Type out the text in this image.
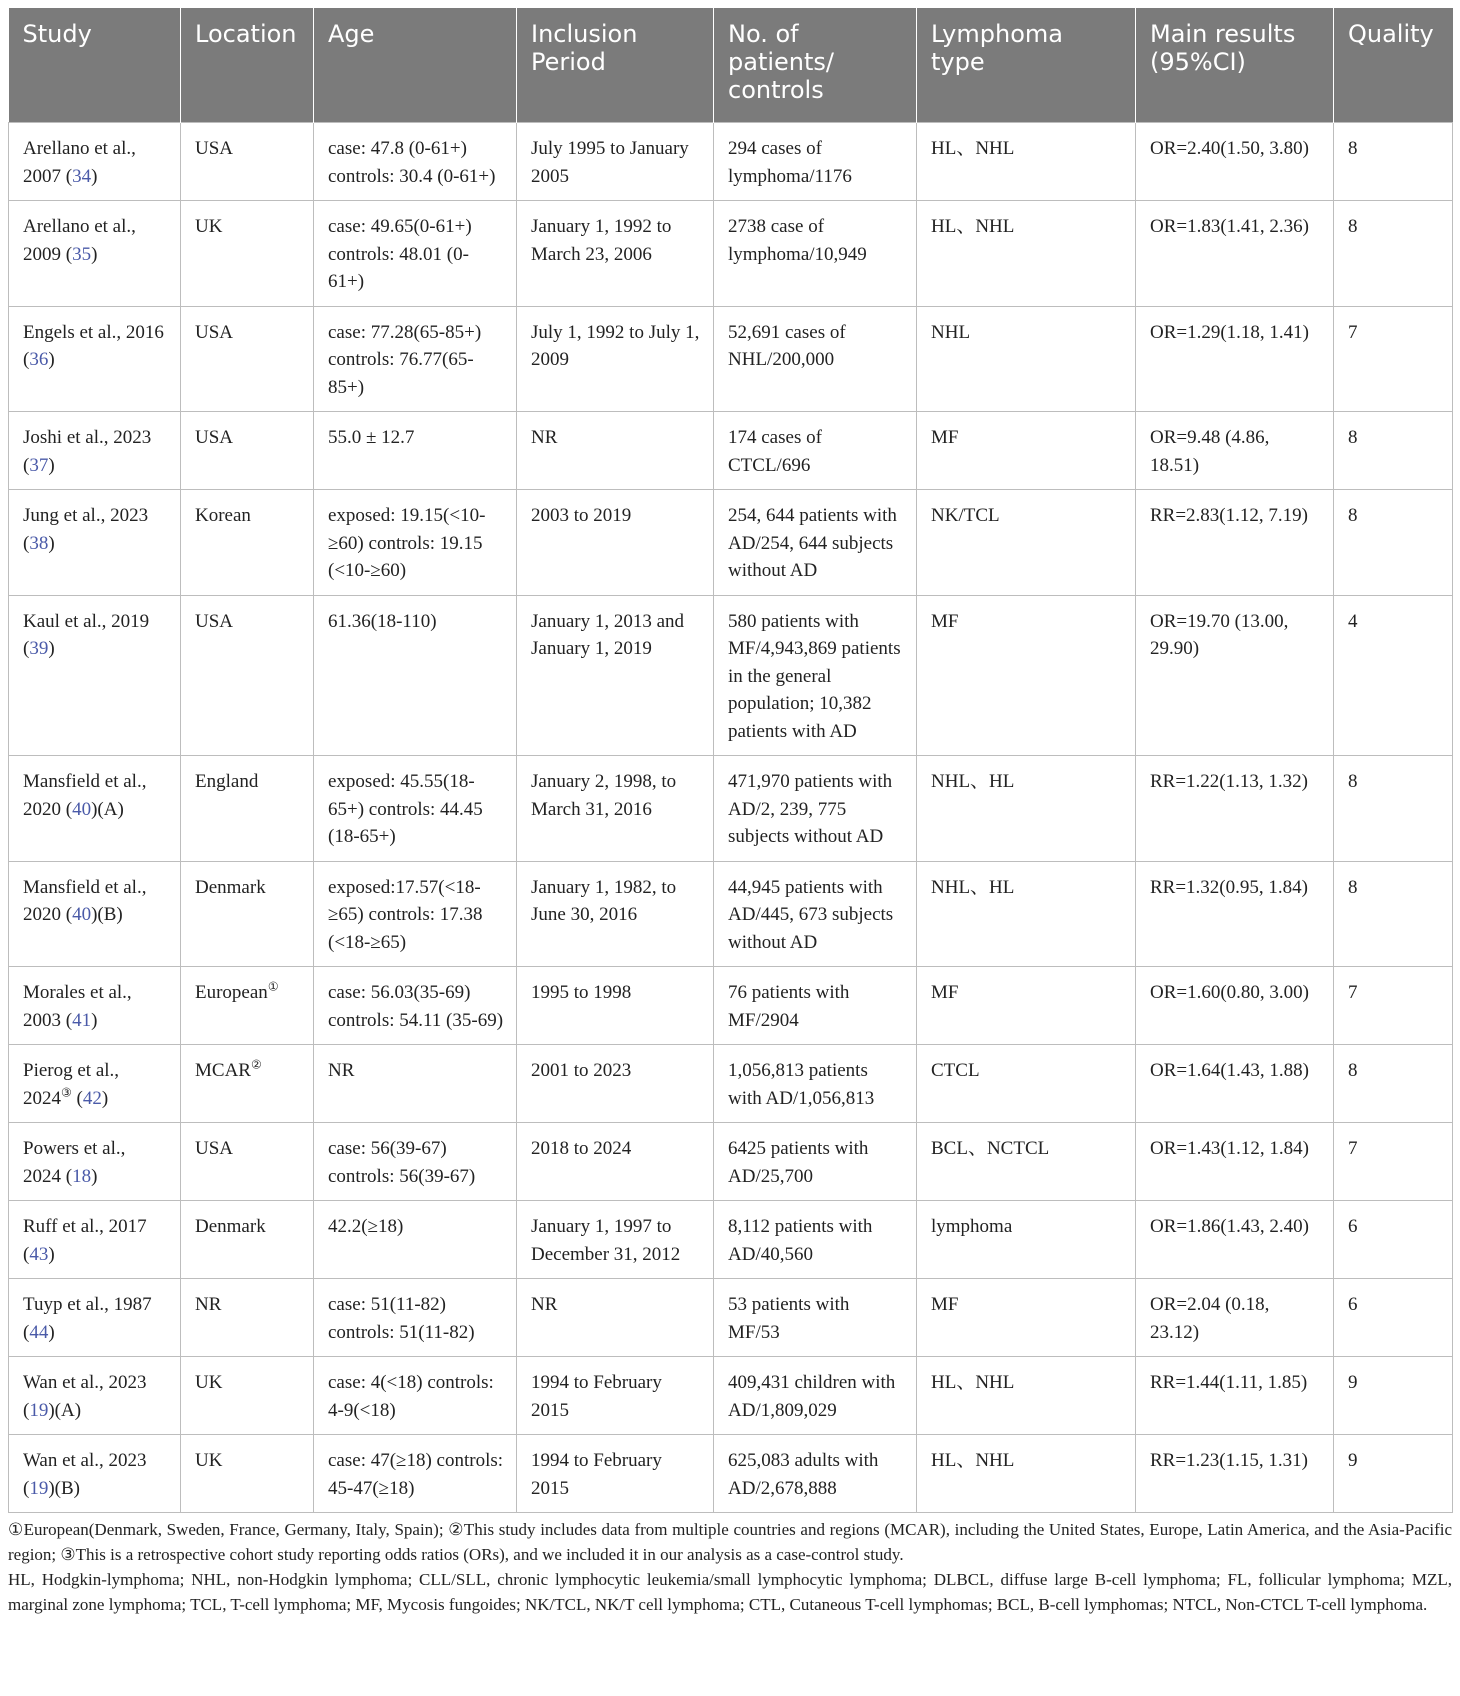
Study	Location	Age	Inclusion Period	No. of patients/ controls	Lymphoma type	Main results (95%CI)	Quality
Arellano et al., 2007 (34)	USA	case: 47.8 (0-61+) controls: 30.4 (0-61+)	July 1995 to January 2005	294 cases of lymphoma/1176	HL、NHL	OR=2.40(1.50, 3.80)	8
Arellano et al., 2009 (35)	UK	case: 49.65(0-61+) controls: 48.01 (0-61+)	January 1, 1992 to March 23, 2006	2738 case of lymphoma/10,949	HL、NHL	OR=1.83(1.41, 2.36)	8
Engels et al., 2016 (36)	USA	case: 77.28(65-85+) controls: 76.77(65-85+)	July 1, 1992 to July 1, 2009	52,691 cases of NHL/200,000	NHL	OR=1.29(1.18, 1.41)	7
Joshi et al., 2023 (37)	USA	55.0 ± 12.7	NR	174 cases of CTCL/696	MF	OR=9.48 (4.86, 18.51)	8
Jung et al., 2023 (38)	Korean	exposed: 19.15(<10-≥60) controls: 19.15 (<10-≥60)	2003 to 2019	254, 644 patients with AD/254, 644 subjects without AD	NK/TCL	RR=2.83(1.12, 7.19)	8
Kaul et al., 2019 (39)	USA	61.36(18-110)	January 1, 2013 and January 1, 2019	580 patients with MF/4,943,869 patients in the general population; 10,382 patients with AD	MF	OR=19.70 (13.00, 29.90)	4
Mansfield et al., 2020 (40)(A)	England	exposed: 45.55(18-65+) controls: 44.45 (18-65+)	January 2, 1998, to March 31, 2016	471,970 patients with AD/2, 239, 775 subjects without AD	NHL、HL	RR=1.22(1.13, 1.32)	8
Mansfield et al., 2020 (40)(B)	Denmark	exposed:17.57(<18-≥65) controls: 17.38 (<18-≥65)	January 1, 1982, to June 30, 2016	44,945 patients with AD/445, 673 subjects without AD	NHL、HL	RR=1.32(0.95, 1.84)	8
Morales et al., 2003 (41)	European①	case: 56.03(35-69) controls: 54.11 (35-69)	1995 to 1998	76 patients with MF/2904	MF	OR=1.60(0.80, 3.00)	7
Pierog et al., 2024③ (42)	MCAR②	NR	2001 to 2023	1,056,813 patients with AD/1,056,813	CTCL	OR=1.64(1.43, 1.88)	8
Powers et al., 2024 (18)	USA	case: 56(39-67) controls: 56(39-67)	2018 to 2024	6425 patients with AD/25,700	BCL、NCTCL	OR=1.43(1.12, 1.84)	7
Ruff et al., 2017 (43)	Denmark	42.2(≥18)	January 1, 1997 to December 31, 2012	8,112 patients with AD/40,560	lymphoma	OR=1.86(1.43, 2.40)	6
Tuyp et al., 1987 (44)	NR	case: 51(11-82) controls: 51(11-82)	NR	53 patients with MF/53	MF	OR=2.04 (0.18, 23.12)	6
Wan et al., 2023 (19)(A)	UK	case: 4(<18) controls: 4-9(<18)	1994 to February 2015	409,431 children with AD/1,809,029	HL、NHL	RR=1.44(1.11, 1.85)	9
Wan et al., 2023 (19)(B)	UK	case: 47(≥18) controls: 45-47(≥18)	1994 to February 2015	625,083 adults with AD/2,678,888	HL、NHL	RR=1.23(1.15, 1.31)	9

①European(Denmark, Sweden, France, Germany, Italy, Spain); ②This study includes data from multiple countries and regions (MCAR), including the United States, Europe, Latin America, and the Asia-Pacific region; ③This is a retrospective cohort study reporting odds ratios (ORs), and we included it in our analysis as a case-control study.

HL, Hodgkin-lymphoma; NHL, non-Hodgkin lymphoma; CLL/SLL, chronic lymphocytic leukemia/small lymphocytic lymphoma; DLBCL, diffuse large B-cell lymphoma; FL, follicular lymphoma; MZL, marginal zone lymphoma; TCL, T-cell lymphoma; MF, Mycosis fungoides; NK/TCL, NK/T cell lymphoma; CTL, Cutaneous T-cell lymphomas; BCL, B-cell lymphomas; NTCL, Non-CTCL T-cell lymphoma.
